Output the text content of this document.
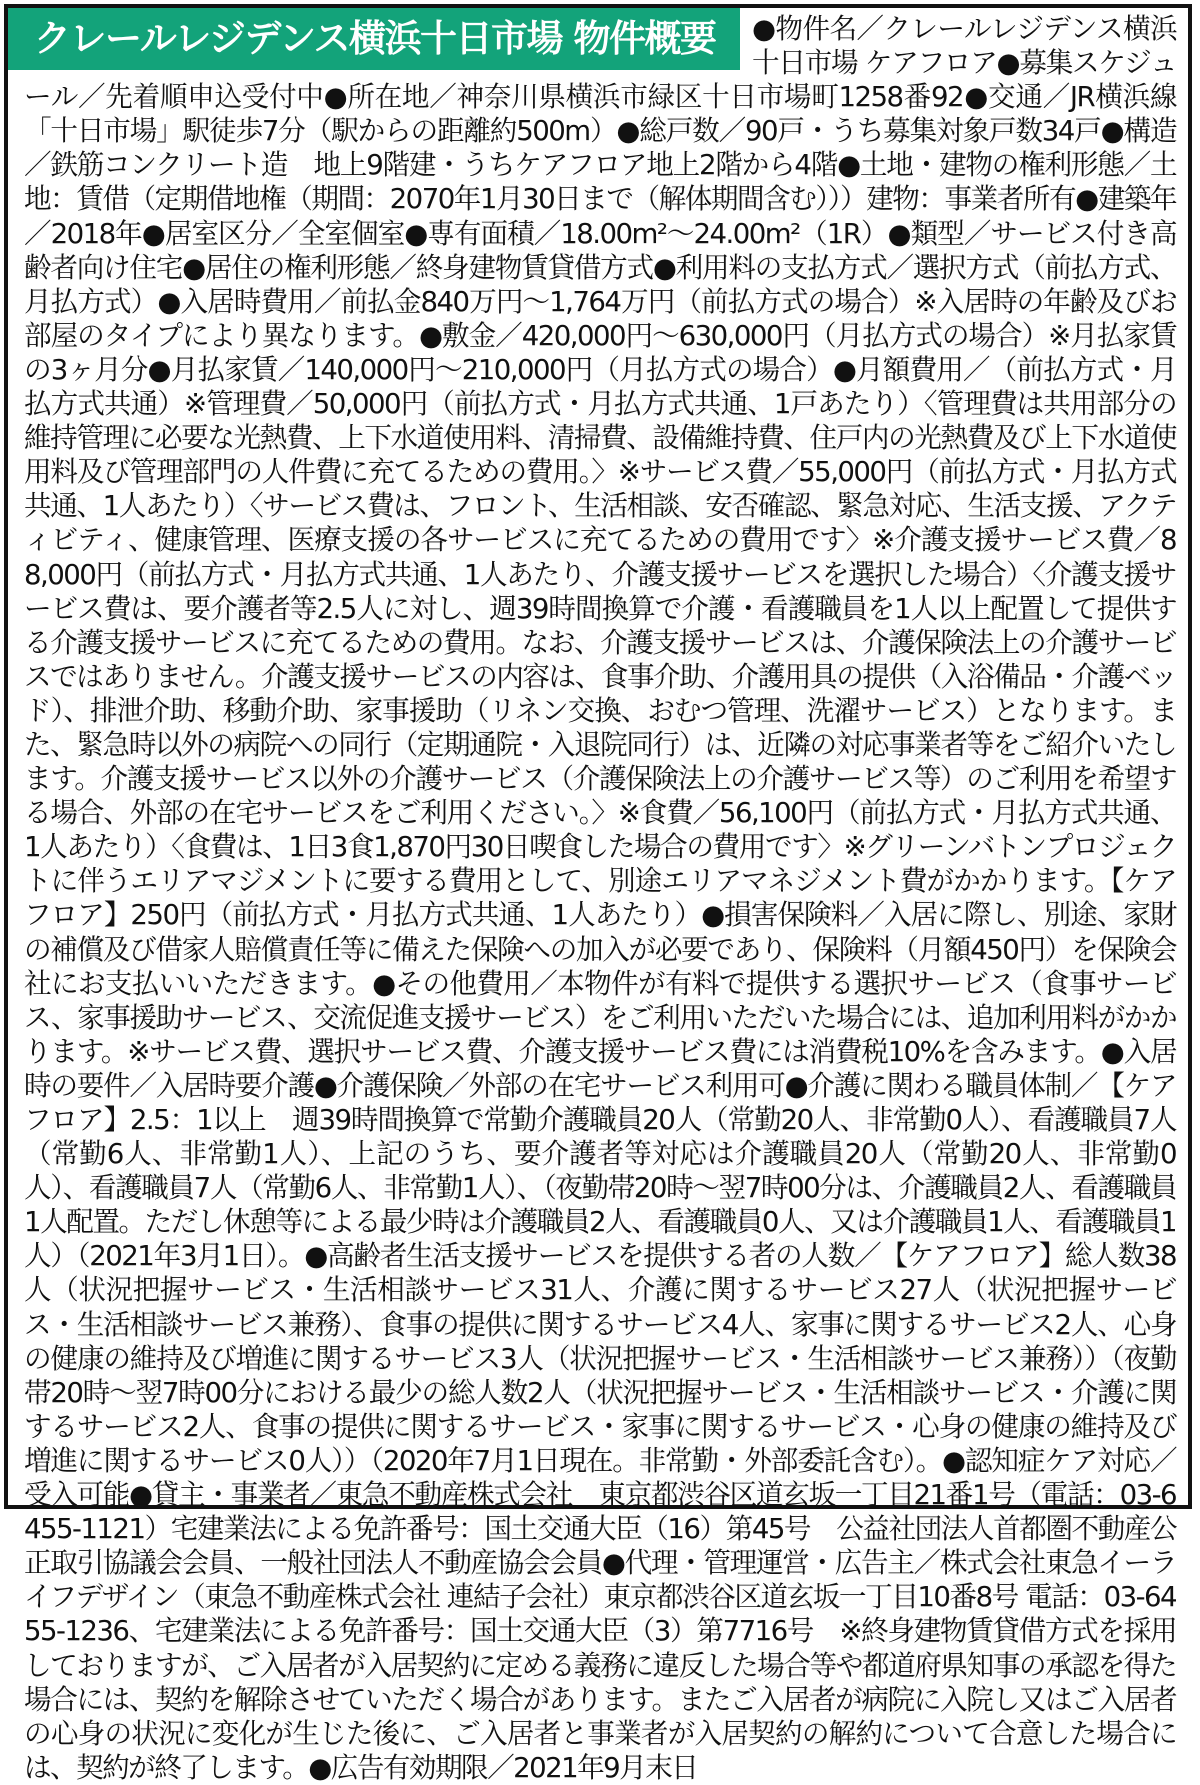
クレールレジデンス横浜十日市場 物件概要	●物件名／クレールレジデンス横浜十日市場 ケアフロア●募集スケジュール／先着順申込受付中●所在地／神奈川県横浜市緑区十日市場町1258番92●交通／JR横浜線「十日市場」駅徒歩7分（駅からの距離約500m）●総戸数／90戸・うち募集対象戸数34戸●構造／鉄筋コンクリート造　地上9階建・うちケアフロア地上2階から4階●土地・建物の権利形態／土地：賃借（定期借地権（期間：2070年1月30日まで（解体期間含む）））建物：事業者所有●建築年／2018年●居室区分／全室個室●専有面積／18.00m²〜24.00m²（1R）●類型／サービス付き高齢者向け住宅●居住の権利形態／終身建物賃貸借方式●利用料の支払方式／選択方式（前払方式、月払方式）●入居時費用／前払金840万円〜1,764万円（前払方式の場合）※入居時の年齢及びお部屋のタイプにより異なります。●敷金／420,000円〜630,000円（月払方式の場合）※月払家賃の3ヶ月分●月払家賃／140,000円〜210,000円（月払方式の場合）●月額費用／（前払方式・月払方式共通）※管理費／50,000円（前払方式・月払方式共通、1戸あたり）〈管理費は共用部分の維持管理に必要な光熱費、上下水道使用料、清掃費、設備維持費、住戸内の光熱費及び上下水道使用料及び管理部門の人件費に充てるための費用。〉※サービス費／55,000円（前払方式・月払方式共通、1人あたり）〈サービス費は、フロント、生活相談、安否確認、緊急対応、生活支援、アクティビティ、健康管理、医療支援の各サービスに充てるための費用です〉※介護支援サービス費／88,000円（前払方式・月払方式共通、1人あたり、介護支援サービスを選択した場合）〈介護支援サービス費は、要介護者等2.5人に対し、週39時間換算で介護・看護職員を1人以上配置して提供する介護支援サービスに充てるための費用。なお、介護支援サービスは、介護保険法上の介護サービスではありません。介護支援サービスの内容は、食事介助、介護用具の提供（入浴備品・介護ベッド）、排泄介助、移動介助、家事援助（リネン交換、おむつ管理、洗濯サービス）となります。また、緊急時以外の病院への同行（定期通院・入退院同行）は、近隣の対応事業者等をご紹介いたします。介護支援サービス以外の介護サービス（介護保険法上の介護サービス等）のご利用を希望する場合、外部の在宅サービスをご利用ください。〉※食費／56,100円（前払方式・月払方式共通、1人あたり）〈食費は、1日3食1,870円30日喫食した場合の費用です〉※グリーンバトンプロジェクトに伴うエリアマジメントに要する費用として、別途エリアマネジメント費がかかります。【ケアフロア】250円（前払方式・月払方式共通、1人あたり）●損害保険料／入居に際し、別途、家財の補償及び借家人賠償責任等に備えた保険への加入が必要であり、保険料（月額450円）を保険会社にお支払いいただきます。●その他費用／本物件が有料で提供する選択サービス（食事サービス、家事援助サービス、交流促進支援サービス）をご利用いただいた場合には、追加利用料がかかります。※サービス費、選択サービス費、介護支援サービス費には消費税10%を含みます。●入居時の要件／入居時要介護●介護保険／外部の在宅サービス利用可●介護に関わる職員体制／【ケアフロア】2.5：1以上　週39時間換算で常勤介護職員20人（常勤20人、非常勤0人）、看護職員7人（常勤6人、非常勤1人）、上記のうち、要介護者等対応は介護職員20人（常勤20人、非常勤0人）、看護職員7人（常勤6人、非常勤1人）、（夜勤帯20時〜翌7時00分は、介護職員2人、看護職員1人配置。ただし休憩等による最少時は介護職員2人、看護職員0人、又は介護職員1人、看護職員1人）（2021年3月1日）。●高齢者生活支援サービスを提供する者の人数／【ケアフロア】総人数38人（状況把握サービス・生活相談サービス31人、介護に関するサービス27人（状況把握サービス・生活相談サービス兼務）、食事の提供に関するサービス4人、家事に関するサービス2人、心身の健康の維持及び増進に関するサービス3人（状況把握サービス・生活相談サービス兼務））（夜勤帯20時〜翌7時00分における最少の総人数2人（状況把握サービス・生活相談サービス・介護に関するサービス2人、食事の提供に関するサービス・家事に関するサービス・心身の健康の維持及び増進に関するサービス0人））（2020年7月1日現在。非常勤・外部委託含む）。●認知症ケア対応／受入可能●貸主・事業者／東急不動産株式会社　東京都渋谷区道玄坂一丁目21番1号（電話：03-6455-1121）宅建業法による免許番号：国土交通大臣（16）第45号　公益社団法人首都圏不動産公正取引協議会会員、一般社団法人不動産協会会員●代理・管理運営・広告主／株式会社東急イーライフデザイン（東急不動産株式会社 連結子会社）東京都渋谷区道玄坂一丁目10番8号 電話：03-6455-1236、宅建業法による免許番号：国土交通大臣（3）第7716号　※終身建物賃貸借方式を採用しておりますが、ご入居者が入居契約に定める義務に違反した場合等や都道府県知事の承認を得た場合には、契約を解除させていただく場合があります。またご入居者が病院に入院し又はご入居者の心身の状況に変化が生じた後に、ご入居者と事業者が入居契約の解約について合意した場合には、契約が終了します。●広告有効期限／2021年9月末日
